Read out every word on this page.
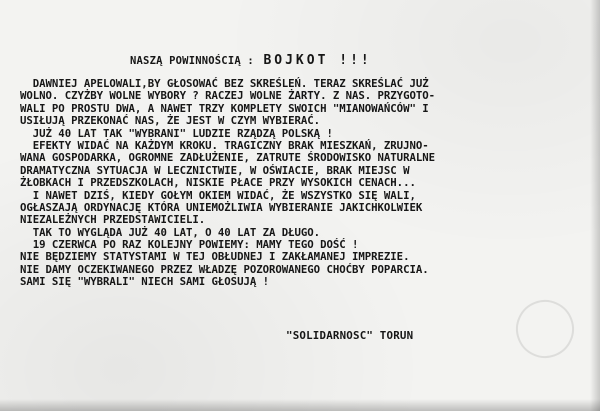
NASZĄ POWINNOŚCIĄ : BOJKOT !!!
DAWNIEJ APELOWALI,BY GŁOSOWAĆ BEZ SKREŚLEŃ. TERAZ SKREŚLAĆ JUŻ
WOLNO. CZYŻBY WOLNE WYBORY ? RACZEJ WOLNE ŻARTY. Z NAS. PRZYGOTO-
WALI PO PROSTU DWA, A NAWET TRZY KOMPLETY SWOICH "MIANOWAŃCÓW" I
USIŁUJĄ PRZEKONAĆ NAS, ŻE JEST W CZYM WYBIERAĆ.
JUŻ 40 LAT TAK "WYBRANI" LUDZIE RZĄDZĄ POLSKĄ !
EFEKTY WIDAĆ NA KAŻDYM KROKU. TRAGICZNY BRAK MIESZKAŃ, ZRUJNO-
WANA GOSPODARKA, OGROMNE ZADŁUŻENIE, ZATRUTE ŚRODOWISKO NATURALNE
DRAMATYCZNA SYTUACJA W LECZNICTWIE, W OŚWIACIE, BRAK MIEJSC W
ŻŁOBKACH I PRZEDSZKOLACH, NISKIE PŁACE PRZY WYSOKICH CENACH...
I NAWET DZIŚ, KIEDY GOŁYM OKIEM WIDAĆ, ŻE WSZYSTKO SIĘ WALI,
OGŁASZAJĄ ORDYNACJĘ KTÓRA UNIEMOŻLIWIA WYBIERANIE JAKICHKOLWIEK
NIEZALEŻNYCH PRZEDSTAWICIELI.
TAK TO WYGLĄDA JUŻ 40 LAT, O 40 LAT ZA DŁUGO.
19 CZERWCA PO RAZ KOLEJNY POWIEMY: MAMY TEGO DOŚĆ !
NIE BĘDZIEMY STATYSTAMI W TEJ OBŁUDNEJ I ZAKŁAMANEJ IMPREZIE.
NIE DAMY OCZEKIWANEGO PRZEZ WŁADZĘ POZOROWANEGO CHOĆBY POPARCIA.
SAMI SIĘ "WYBRALI" NIECH SAMI GŁOSUJĄ !
"SOLIDARNOSC" TORUN
